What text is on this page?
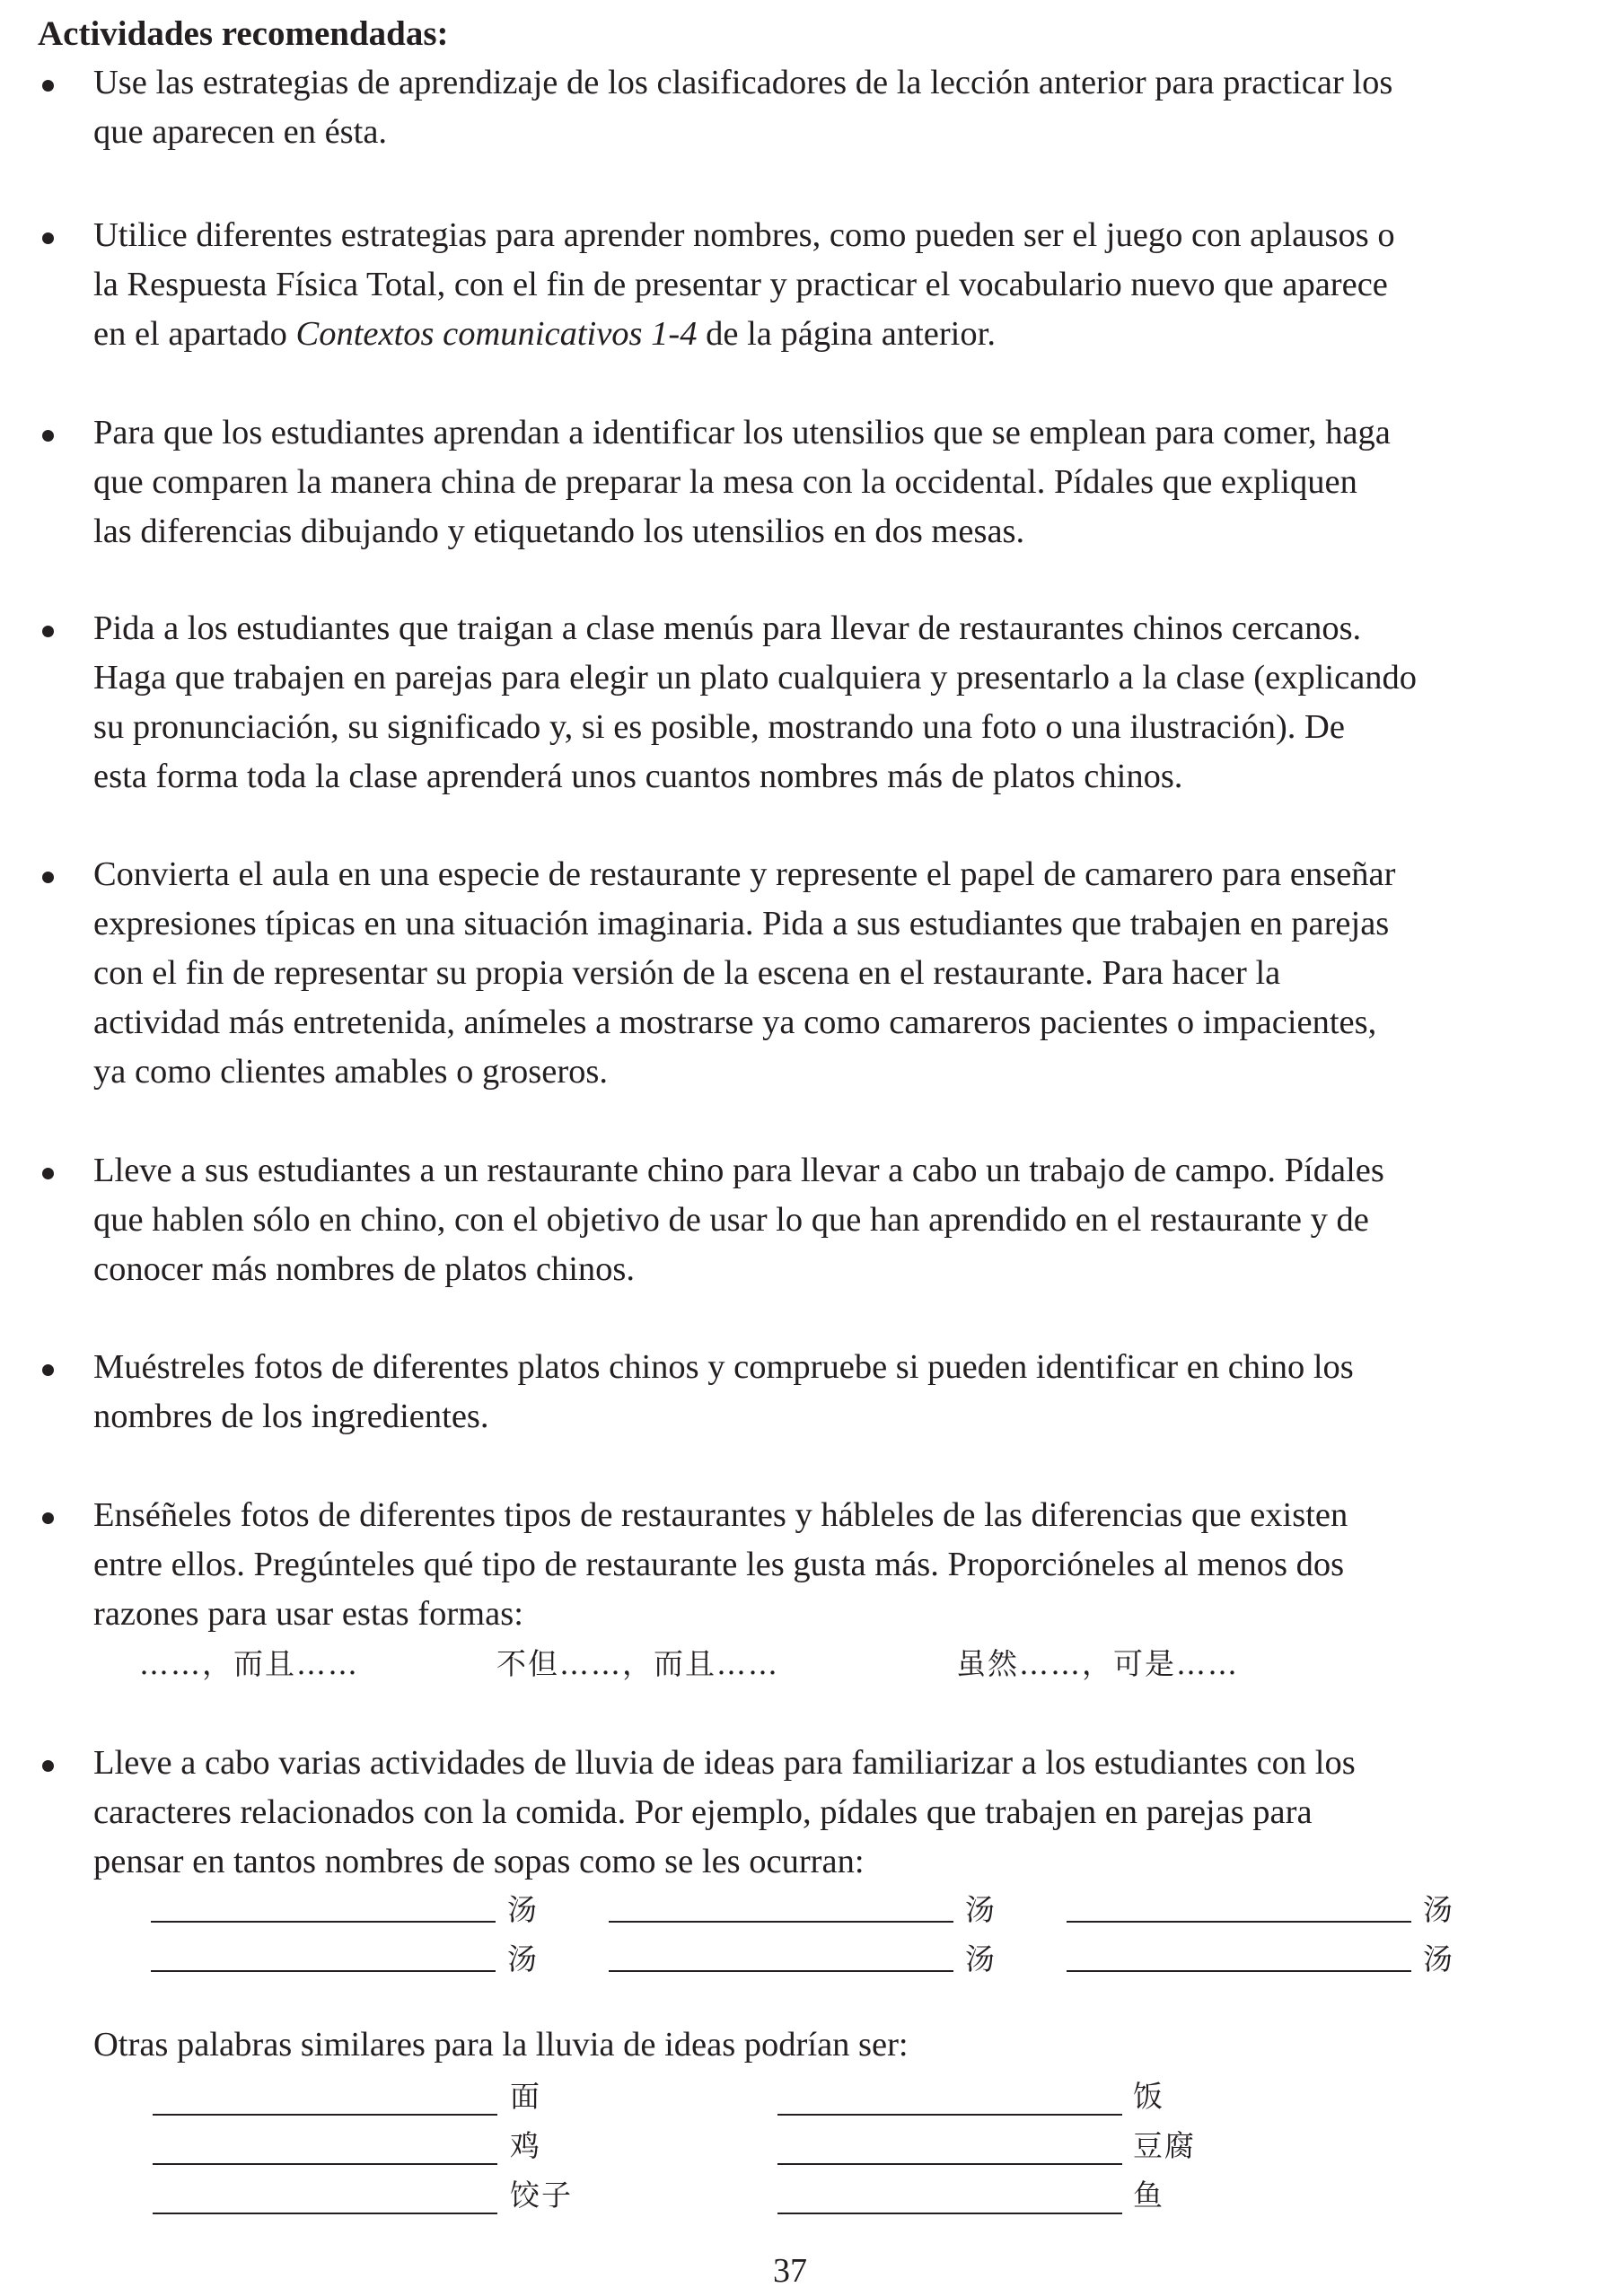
Actividades recomendadas:
Use las estrategias de aprendizaje de los clasificadores de la lección anterior para practicar los
que aparecen en ésta.
Utilice diferentes estrategias para aprender nombres, como pueden ser el juego con aplausos o
la Respuesta Física Total, con el fin de presentar y practicar el vocabulario nuevo que aparece
en el apartado Contextos comunicativos 1-4 de la página anterior.
Para que los estudiantes aprendan a identificar los utensilios que se emplean para comer, haga
que comparen la manera china de preparar la mesa con la occidental. Pídales que expliquen
las diferencias dibujando y etiquetando los utensilios en dos mesas.
Pida a los estudiantes que traigan a clase menús para llevar de restaurantes chinos cercanos.
Haga que trabajen en parejas para elegir un plato cualquiera y presentarlo a la clase (explicando
su pronunciación, su significado y, si es posible, mostrando una foto o una ilustración). De
esta forma toda la clase aprenderá unos cuantos nombres más de platos chinos.
Convierta el aula en una especie de restaurante y represente el papel de camarero para enseñar
expresiones típicas en una situación imaginaria. Pida a sus estudiantes que trabajen en parejas
con el fin de representar su propia versión de la escena en el restaurante. Para hacer la
actividad más entretenida, anímeles a mostrarse ya como camareros pacientes o impacientes,
ya como clientes amables o groseros.
Lleve a sus estudiantes a un restaurante chino para llevar a cabo un trabajo de campo. Pídales
que hablen sólo en chino, con el objetivo de usar lo que han aprendido en el restaurante y de
conocer más nombres de platos chinos.
Muéstreles fotos de diferentes platos chinos y compruebe si pueden identificar en chino los
nombres de los ingredientes.
Enséñeles fotos de diferentes tipos de restaurantes y hábleles de las diferencias que existen
entre ellos. Pregúnteles qué tipo de restaurante les gusta más. Proporcióneles al menos dos
razones para usar estas formas:
……，而且……	不但……，而且……	虽然……，可是……
Lleve a cabo varias actividades de lluvia de ideas para familiarizar a los estudiantes con los
caracteres relacionados con la comida. Por ejemplo, pídales que trabajen en parejas para
pensar en tantos nombres de sopas como se les ocurran:
汤	汤	汤
汤	汤	汤
Otras palabras similares para la lluvia de ideas podrían ser:
面	饭
鸡	豆腐
饺子	鱼
37
